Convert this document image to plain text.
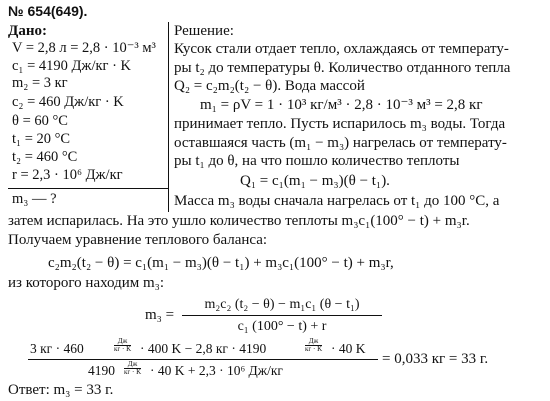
№ 654(649).
Дано:
V = 2,8 л = 2,8 · 10⁻³ м³
c₁ = 4190 Дж/кг · K
m₂ = 3 кг
c₂ = 460 Дж/кг · K
θ = 60 °C
t₁ = 20 °C
t₂ = 460 °C
r = 2,3 · 10⁶ Дж/кг
m₃ — ?
Решение:
Кусок стали отдает тепло, охлаждаясь от температу-
ры t₂ до температуры θ. Количество отданного тепла
Q₂ = c₂m₂(t₂ − θ). Вода массой
m₁ = ρV = 1 · 10³ кг/м³ · 2,8 · 10⁻³ м³ = 2,8 кг
принимает тепло. Пусть испарилось m₃ воды. Тогда
оставшаяся часть (m₁ − m₃) нагрелась от температу-
ры t₁ до θ, на что пошло количество теплоты
Q₁ = c₁(m₁ − m₃)(θ − t₁).
Масса m₃ воды сначала нагрелась от t₁ до 100 °C, а
затем испарилась. На это ушло количество теплоты m₃c₁(100° − t) + m₃r.
Получаем уравнение теплового баланса:
c₂m₂(t₂ − θ) = c₁(m₁ − m₃)(θ − t₁) + m₃c₁(100° − t) + m₃r,
из которого находим m₃:
m₃ =
m₂c₂ (t₂ − θ) − m₁c₁ (θ − t₁)
c₁ (100° − t) + r
3 кг · 460	Дж
кг · K · 400 K − 2,8 кг · 4190	Дж
кг · K · 40 K
4190	Дж
кг · K · 40 K + 2,3 · 10⁶ Дж/кг
= 0,033 кг = 33 г.
Ответ: m₃ = 33 г.
